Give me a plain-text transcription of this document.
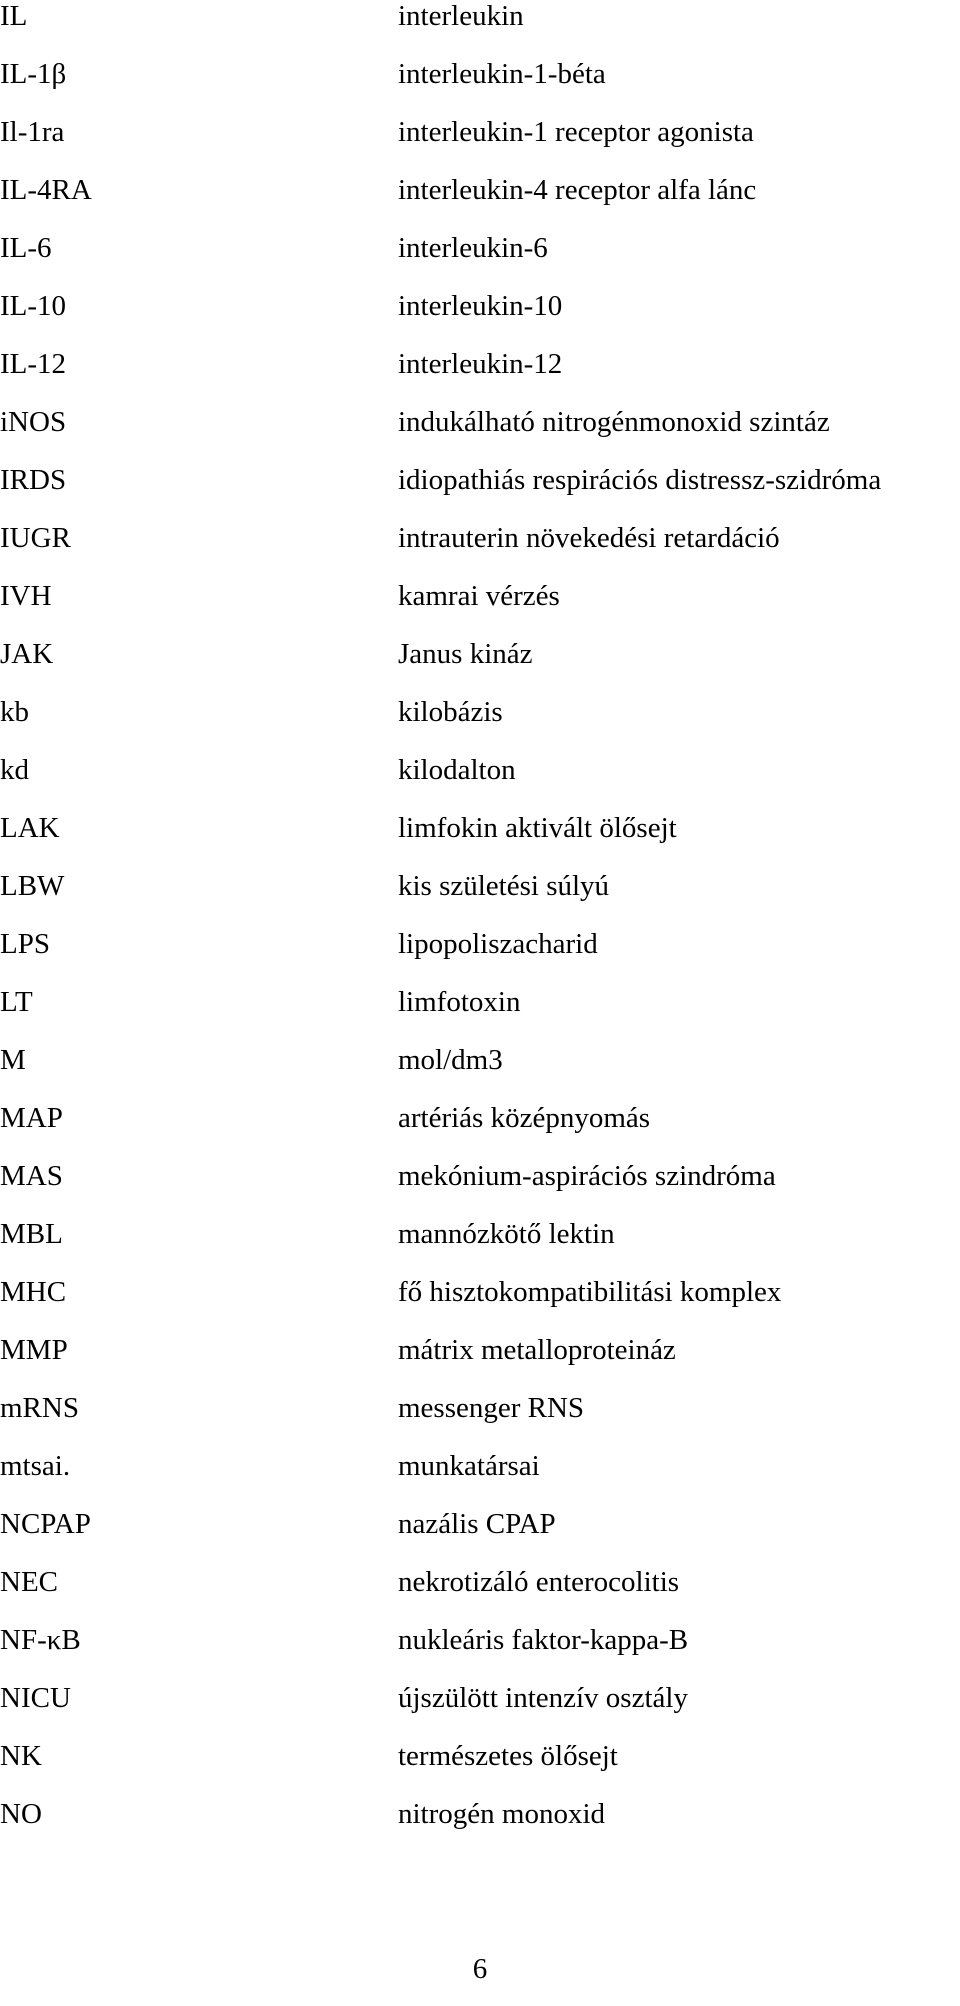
IL	interleukin
IL-1β	interleukin-1-béta
Il-1ra	interleukin-1 receptor agonista
IL-4RA	interleukin-4 receptor alfa lánc
IL-6	interleukin-6
IL-10	interleukin-10
IL-12	interleukin-12
iNOS	indukálható nitrogénmonoxid szintáz
IRDS	idiopathiás respirációs distressz-szidróma
IUGR	intrauterin növekedési retardáció
IVH	kamrai vérzés
JAK	Janus kináz
kb	kilobázis
kd	kilodalton
LAK	limfokin aktivált ölősejt
LBW	kis születési súlyú
LPS	lipopoliszacharid
LT	limfotoxin
M	mol/dm3
MAP	artériás középnyomás
MAS	mekónium-aspirációs szindróma
MBL	mannózkötő lektin
MHC	fő hisztokompatibilitási komplex
MMP	mátrix metalloproteináz
mRNS	messenger RNS
mtsai.	munkatársai
NCPAP	nazális CPAP
NEC	nekrotizáló enterocolitis
NF-κB	nukleáris faktor-kappa-B
NICU	újszülött intenzív osztály
NK	természetes ölősejt
NO	nitrogén monoxid
6
